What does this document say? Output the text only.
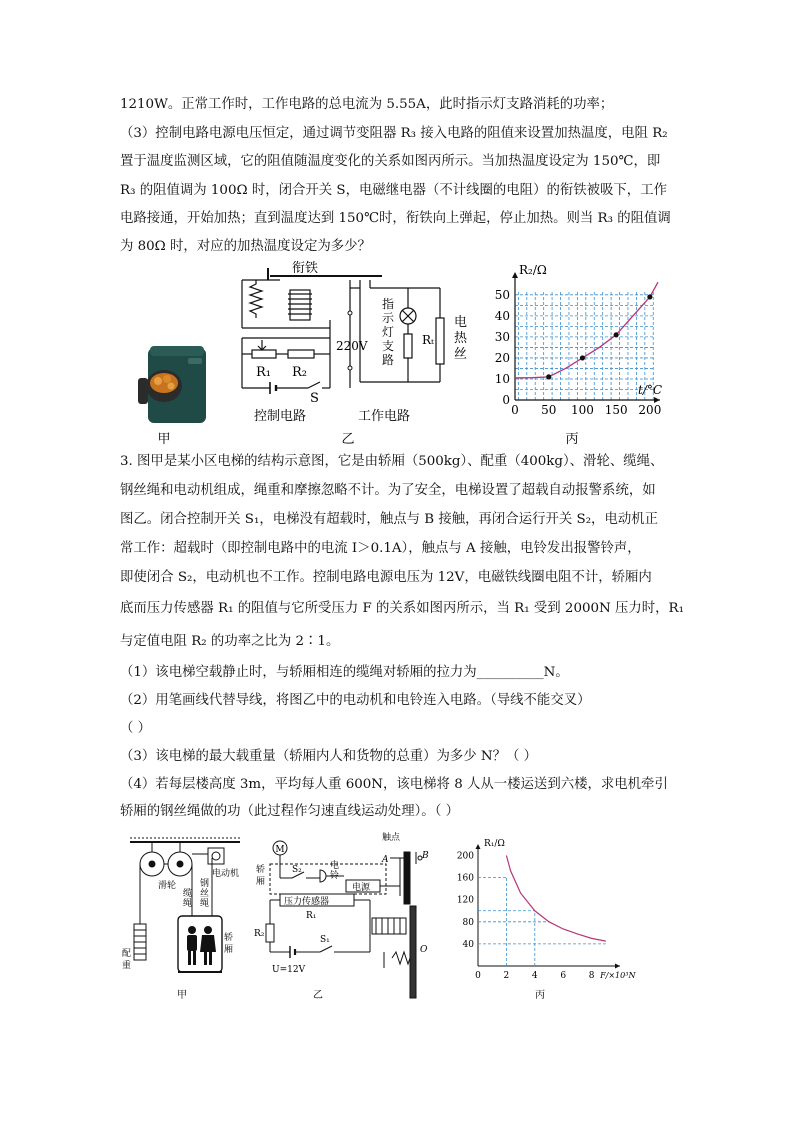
1210W。正常工作时，工作电路的总电流为 5.55A，此时指示灯支路消耗的功率；
（3）控制电路电源电压恒定，通过调节变阻器 R₃ 接入电路的阻值来设置加热温度，电阻 R₂
置于温度监测区域，它的阻值随温度变化的关系如图丙所示。当加热温度设定为 150℃，即
R₃ 的阻值调为 100Ω 时，闭合开关 S，电磁继电器（不计线圈的电阻）的衔铁被吸下，工作
电路接通，开始加热；直到温度达到 150℃时，衔铁向上弹起，停止加热。则当 R₃ 的阻值调
为 80Ω 时，对应的加热温度设定为多少？
甲
衔铁
R₁ R₂
S
220V
指
示
灯
支
路
Rₜ
电
热
丝
控制电路	工作电路
乙
0 50 100 150 200
0
10
20
30
40
50
R₂/Ω
t/°C
丙
3. 图甲是某小区电梯的结构示意图，它是由轿厢（500kg）、配重（400kg）、滑轮、缆绳、
钢丝绳和电动机组成，绳重和摩擦忽略不计。为了安全，电梯设置了超载自动报警系统，如
图乙。闭合控制开关 S₁，电梯没有超载时，触点与 B 接触，再闭合运行开关 S₂，电动机正
常工作：超载时（即控制电路中的电流 I＞0.1A），触点与 A 接触，电铃发出报警铃声，
即使闭合 S₂，电动机也不工作。控制电路电源电压为 12V，电磁铁线圈电阻不计，轿厢内
底而压力传感器 R₁ 的阻值与它所受压力 F 的关系如图丙所示，当 R₁ 受到 2000N 压力时，R₁
与定值电阻 R₂ 的功率之比为 2∶1。
（1）该电梯空载静止时，与轿厢相连的缆绳对轿厢的拉力为__________N。
（2）用笔画线代替导线，将图乙中的电动机和电铃连入电路。（导线不能交叉）
（ ）
（3）该电梯的最大载重量（轿厢内人和货物的总重）为多少 N？（ ）
（4）若每层楼高度 3m，平均每人重 600N，该电梯将 8 人从一楼运送到六楼，求电机牵引
轿厢的钢丝绳做的功（此过程作匀速直线运动处理）。（ ）
滑轮
电动机
缆
绳
钢
丝
绳
轿
厢
配
重
甲
M
触点
A	B
S₂	电
铃
电源
压力传感器
R₁
轿
厢
R₂
S₁
O
U=12V
乙
0	2	4	6	8
40
80
120
160
200
R₁/Ω
F/×10³N
丙
